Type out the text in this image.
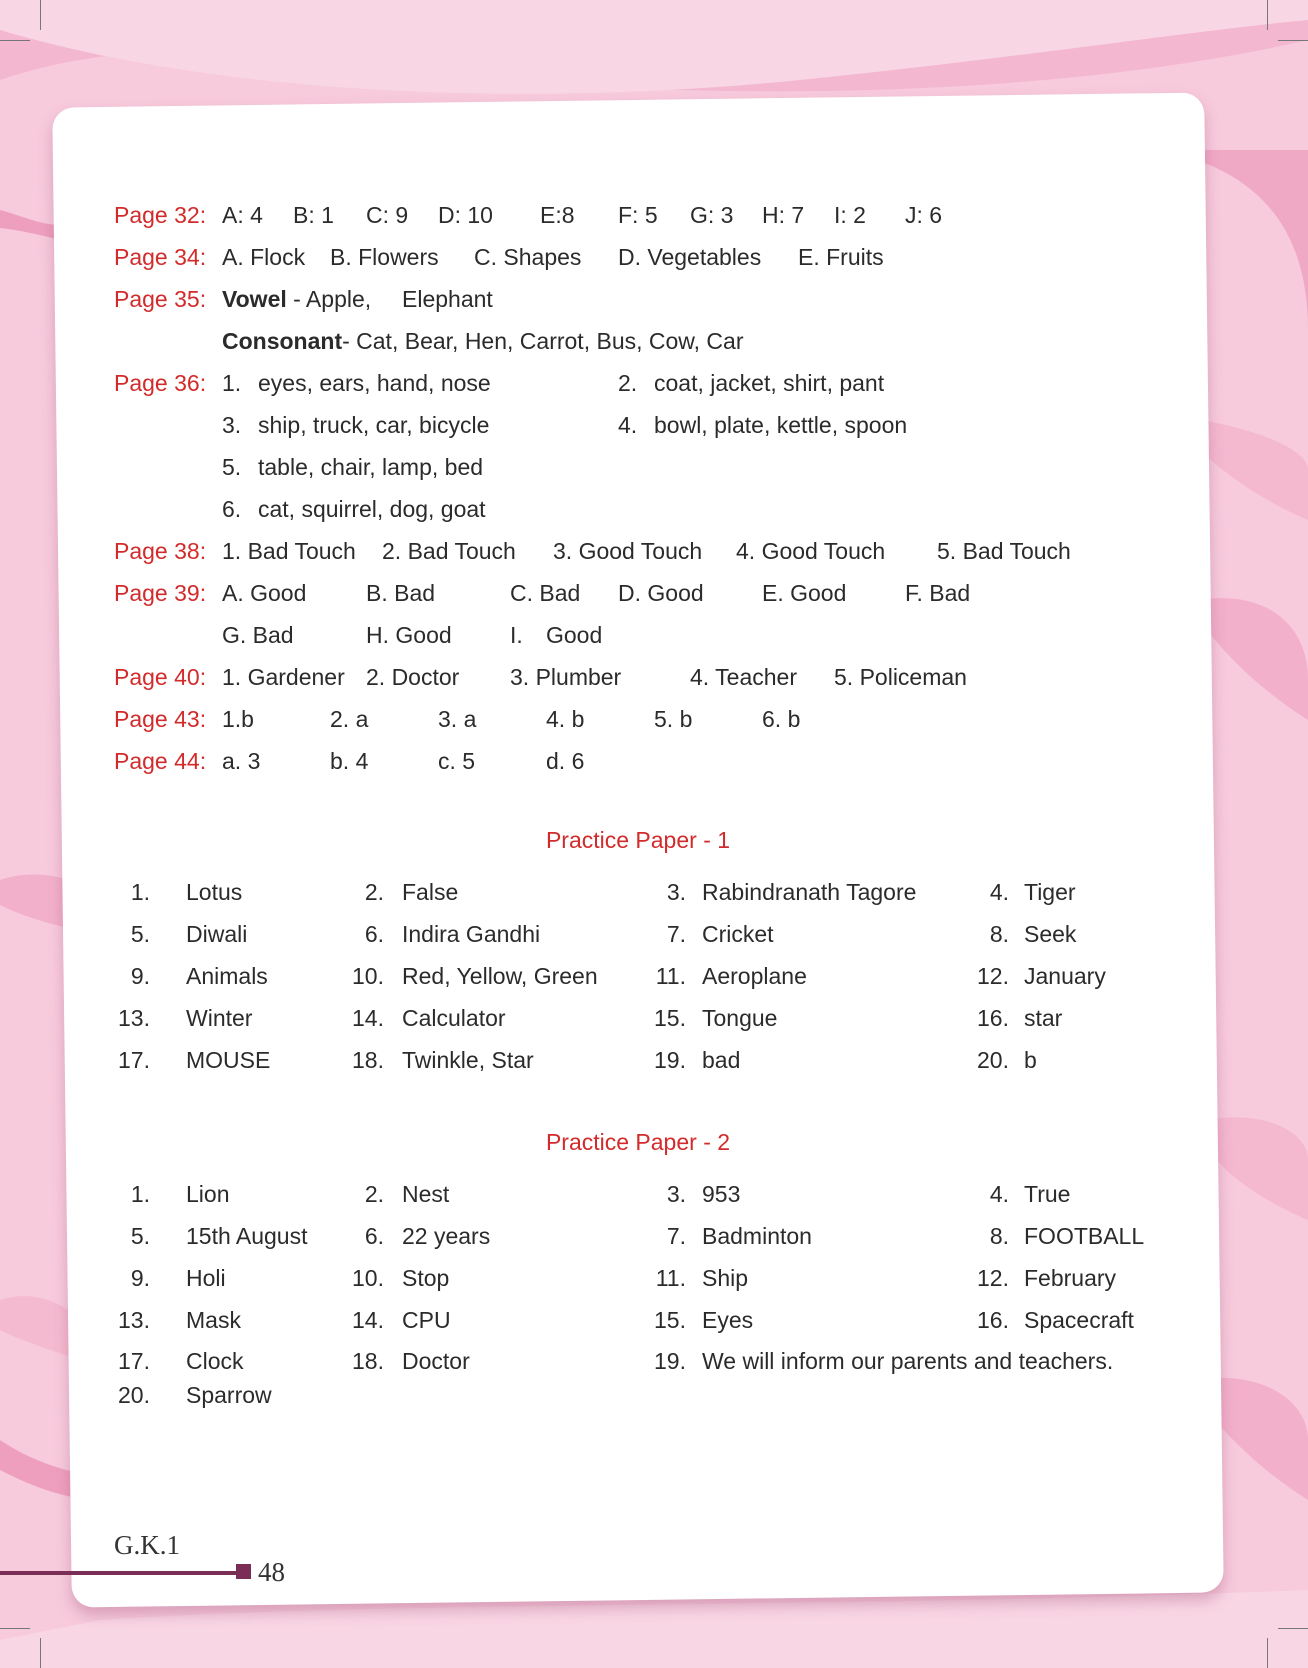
Page 32: A: 4 B: 1 C: 9 D: 10 E:8 F: 5 G: 3 H: 7 I: 2 J: 6
Page 34: A. Flock B. Flowers C. Shapes D. Vegetables E. Fruits
Page 35: Vowel - Apple, Elephant
Consonant- Cat, Bear, Hen, Carrot, Bus, Cow, Car
Page 36: 1. eyes, ears, hand, nose	2. coat, jacket, shirt, pant
3. ship, truck, car, bicycle	4. bowl, plate, kettle, spoon
5. table, chair, lamp, bed
6. cat, squirrel, dog, goat
Page 38: 1. Bad Touch 2. Bad Touch 3. Good Touch 4. Good Touch 5. Bad Touch
Page 39: A. Good	B. Bad	C. Bad D. Good	E. Good	F. Bad
G. Bad	H. Good	I. Good
Page 40: 1. Gardener 2. Doctor 3. Plumber	4. Teacher 5. Policeman
Page 43: 1.b	2. a	3. a	4. b	5. b	6. b
Page 44: a. 3	b. 4	c. 5	d. 6
Practice Paper - 1
1. Lotus	2. False	3. Rabindranath Tagore	4. Tiger
5. Diwali	6. Indira Gandhi	7. Cricket	8. Seek
9. Animals	10. Red, Yellow, Green	11. Aeroplane	12. January
13. Winter	14. Calculator	15. Tongue	16. star
17. MOUSE	18. Twinkle, Star	19. bad	20. b
Practice Paper - 2
1. Lion	2. Nest	3. 953	4. True
5. 15th August	6. 22 years	7. Badminton	8. FOOTBALL
9. Holi	10. Stop	11. Ship	12. February
13. Mask	14. CPU	15. Eyes	16. Spacecraft
17. Clock	18. Doctor	19. We will inform our parents and teachers.
20. Sparrow
G.K.1
48
